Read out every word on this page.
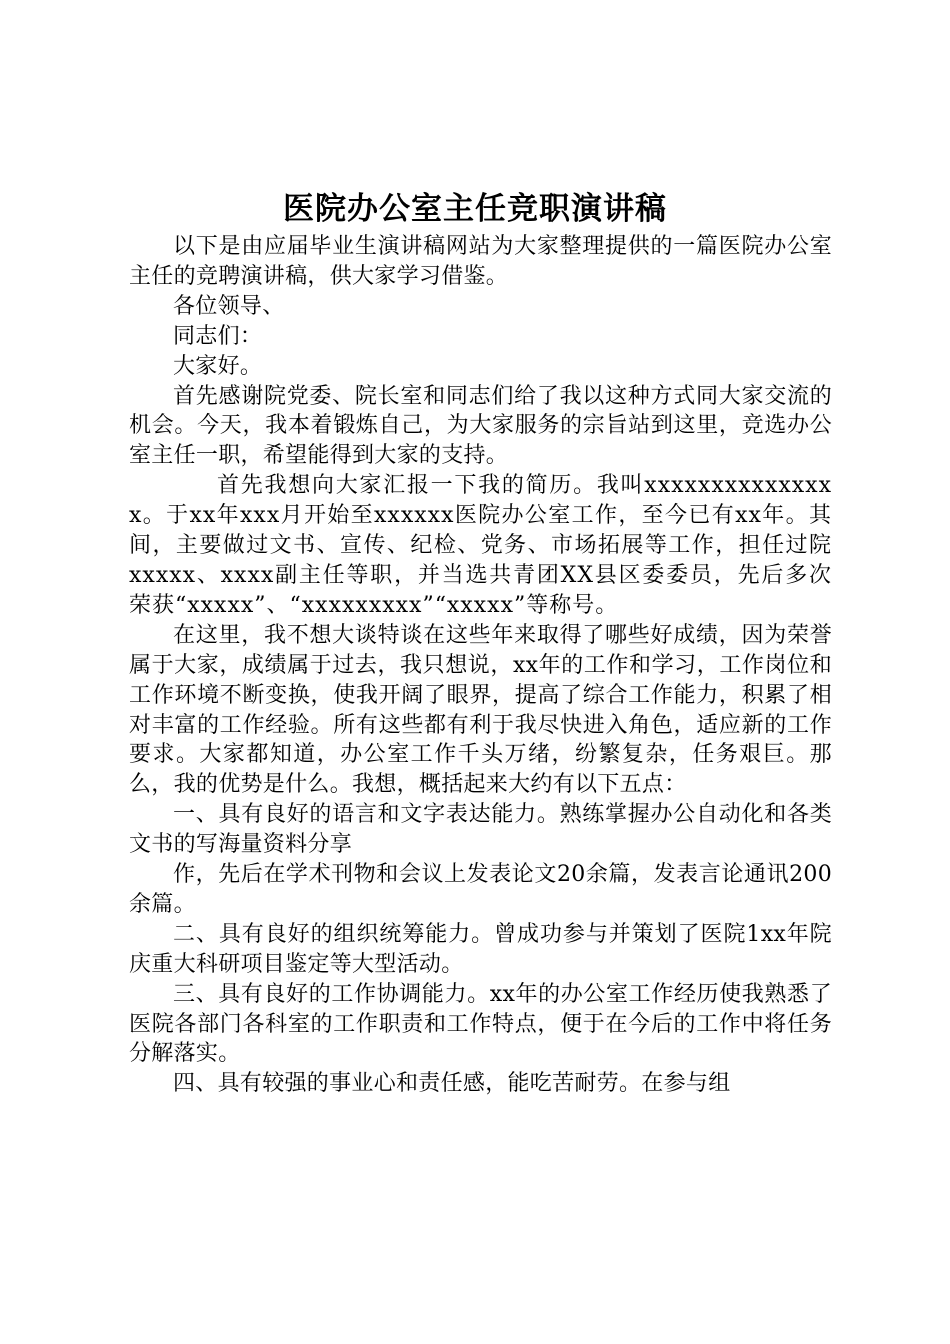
医院办公室主任竞职演讲稿

以下是由应届毕业生演讲稿网站为大家整理提供的一篇医院办公室主任的竞聘演讲稿，供大家学习借鉴。

各位领导、

同志们：

大家好。

首先感谢院党委、院长室和同志们给了我以这种方式同大家交流的机会。今天，我本着锻炼自己，为大家服务的宗旨站到这里，竞选办公室主任一职，希望能得到大家的支持。

首先我想向大家汇报一下我的简历。我叫xxxxxxxxxxxxxxx。于xx年xxx月开始至xxxxxx医院办公室工作，至今已有xx年。其间，主要做过文书、宣传、纪检、党务、市场拓展等工作，担任过院xxxxx、xxxx副主任等职，并当选共青团XX县区委委员，先后多次荣获“xxxxx”、“xxxxxxxxx”“xxxxx”等称号。

在这里，我不想大谈特谈在这些年来取得了哪些好成绩，因为荣誉属于大家，成绩属于过去，我只想说，xx年的工作和学习，工作岗位和工作环境不断变换，使我开阔了眼界，提高了综合工作能力，积累了相对丰富的工作经验。所有这些都有利于我尽快进入角色，适应新的工作要求。大家都知道，办公室工作千头万绪，纷繁复杂，任务艰巨。那么，我的优势是什么。我想，概括起来大约有以下五点：

一、具有良好的语言和文字表达能力。熟练掌握办公自动化和各类文书的写海量资料分享

作，先后在学术刊物和会议上发表论文20余篇，发表言论通讯200余篇。

二、具有良好的组织统筹能力。曾成功参与并策划了医院1xx年院庆重大科研项目鉴定等大型活动。

三、具有良好的工作协调能力。xx年的办公室工作经历使我熟悉了医院各部门各科室的工作职责和工作特点，便于在今后的工作中将任务分解落实。

四、具有较强的事业心和责任感，能吃苦耐劳。在参与组
